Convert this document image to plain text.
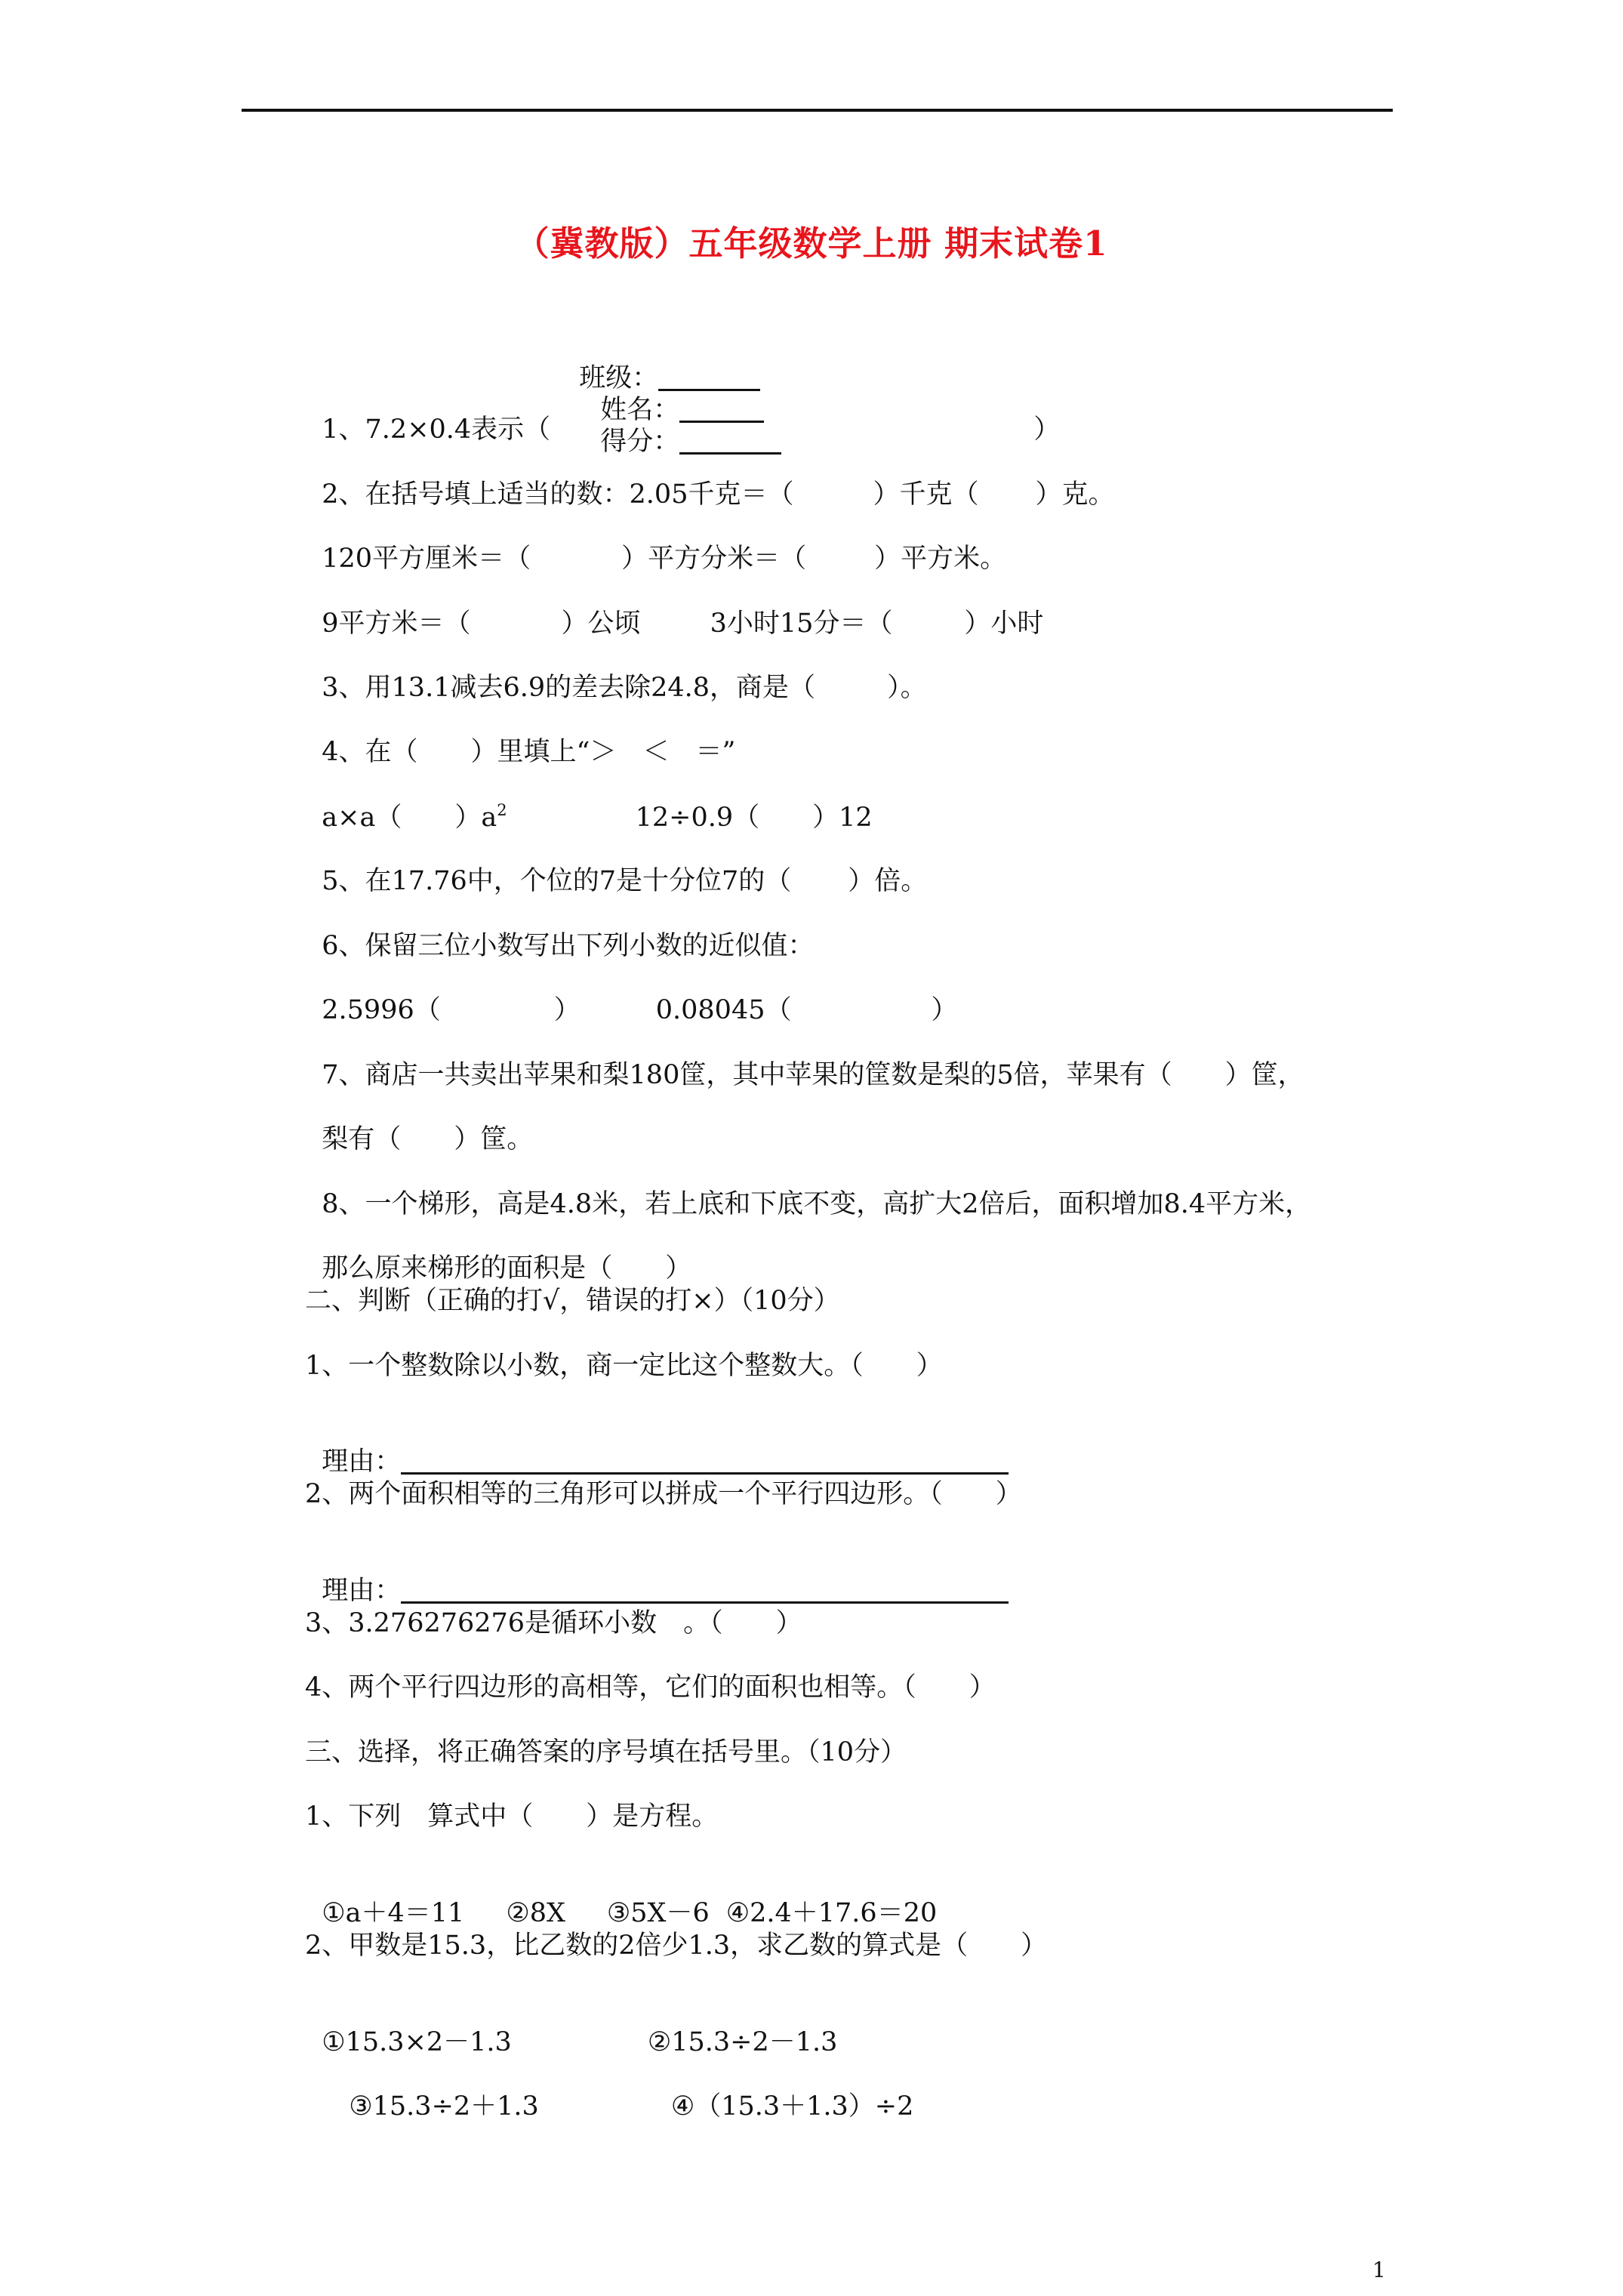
（冀教版）五年级数学上册 期末试卷1

班级：
姓名：
得分：

1、7.2×0.4表示（	）

2、在括号填上适当的数：2.05千克＝（	）千克（ ）克。

120平方厘米＝（	）平方分米＝（	）平方米。

9平方米＝（	）公顷	3小时15分＝（	）小时

3、用13.1减去6.9的差去除24.8，商是（	）。

4、在（ ）里填上“＞　＜　＝”

a×a（ ）$a^2$	12÷0.9（ ）12

5、在17.76中，个位的7是十分位7的（ ）倍。

6、保留三位小数写出下列小数的近似值：

2.5996（	）	0.08045（	）

7、商店一共卖出苹果和梨180筐，其中苹果的筐数是梨的5倍，苹果有（ ）筐，

梨有（ ）筐。

8、一个梯形，高是4.8米，若上底和下底不变，高扩大2倍后，面积增加8.4平方米，

那么原来梯形的面积是（ ）

二、判断（正确的打√，错误的打×）（10分）
1、一个整数除以小数，商一定比这个整数大。（　　）

理由：

2、两个面积相等的三角形可以拼成一个平行四边形。（　　）

理由：

3、3.276276276是循环小数　。（　　）
4、两个平行四边形的高相等，它们的面积也相等。（　　）
三、选择，将正确答案的序号填在括号里。（10分）
1、下列　算式中（　　）是方程。

①a＋4＝11 ②8X ③5X－6 ④2.4＋17.6＝20

2、甲数是15.3，比乙数的2倍少1.3，求乙数的算式是（　　）

①15.3×2－1.3	②15.3÷2－1.3

③15.3÷2＋1.3	④（15.3＋1.3）÷2

1
